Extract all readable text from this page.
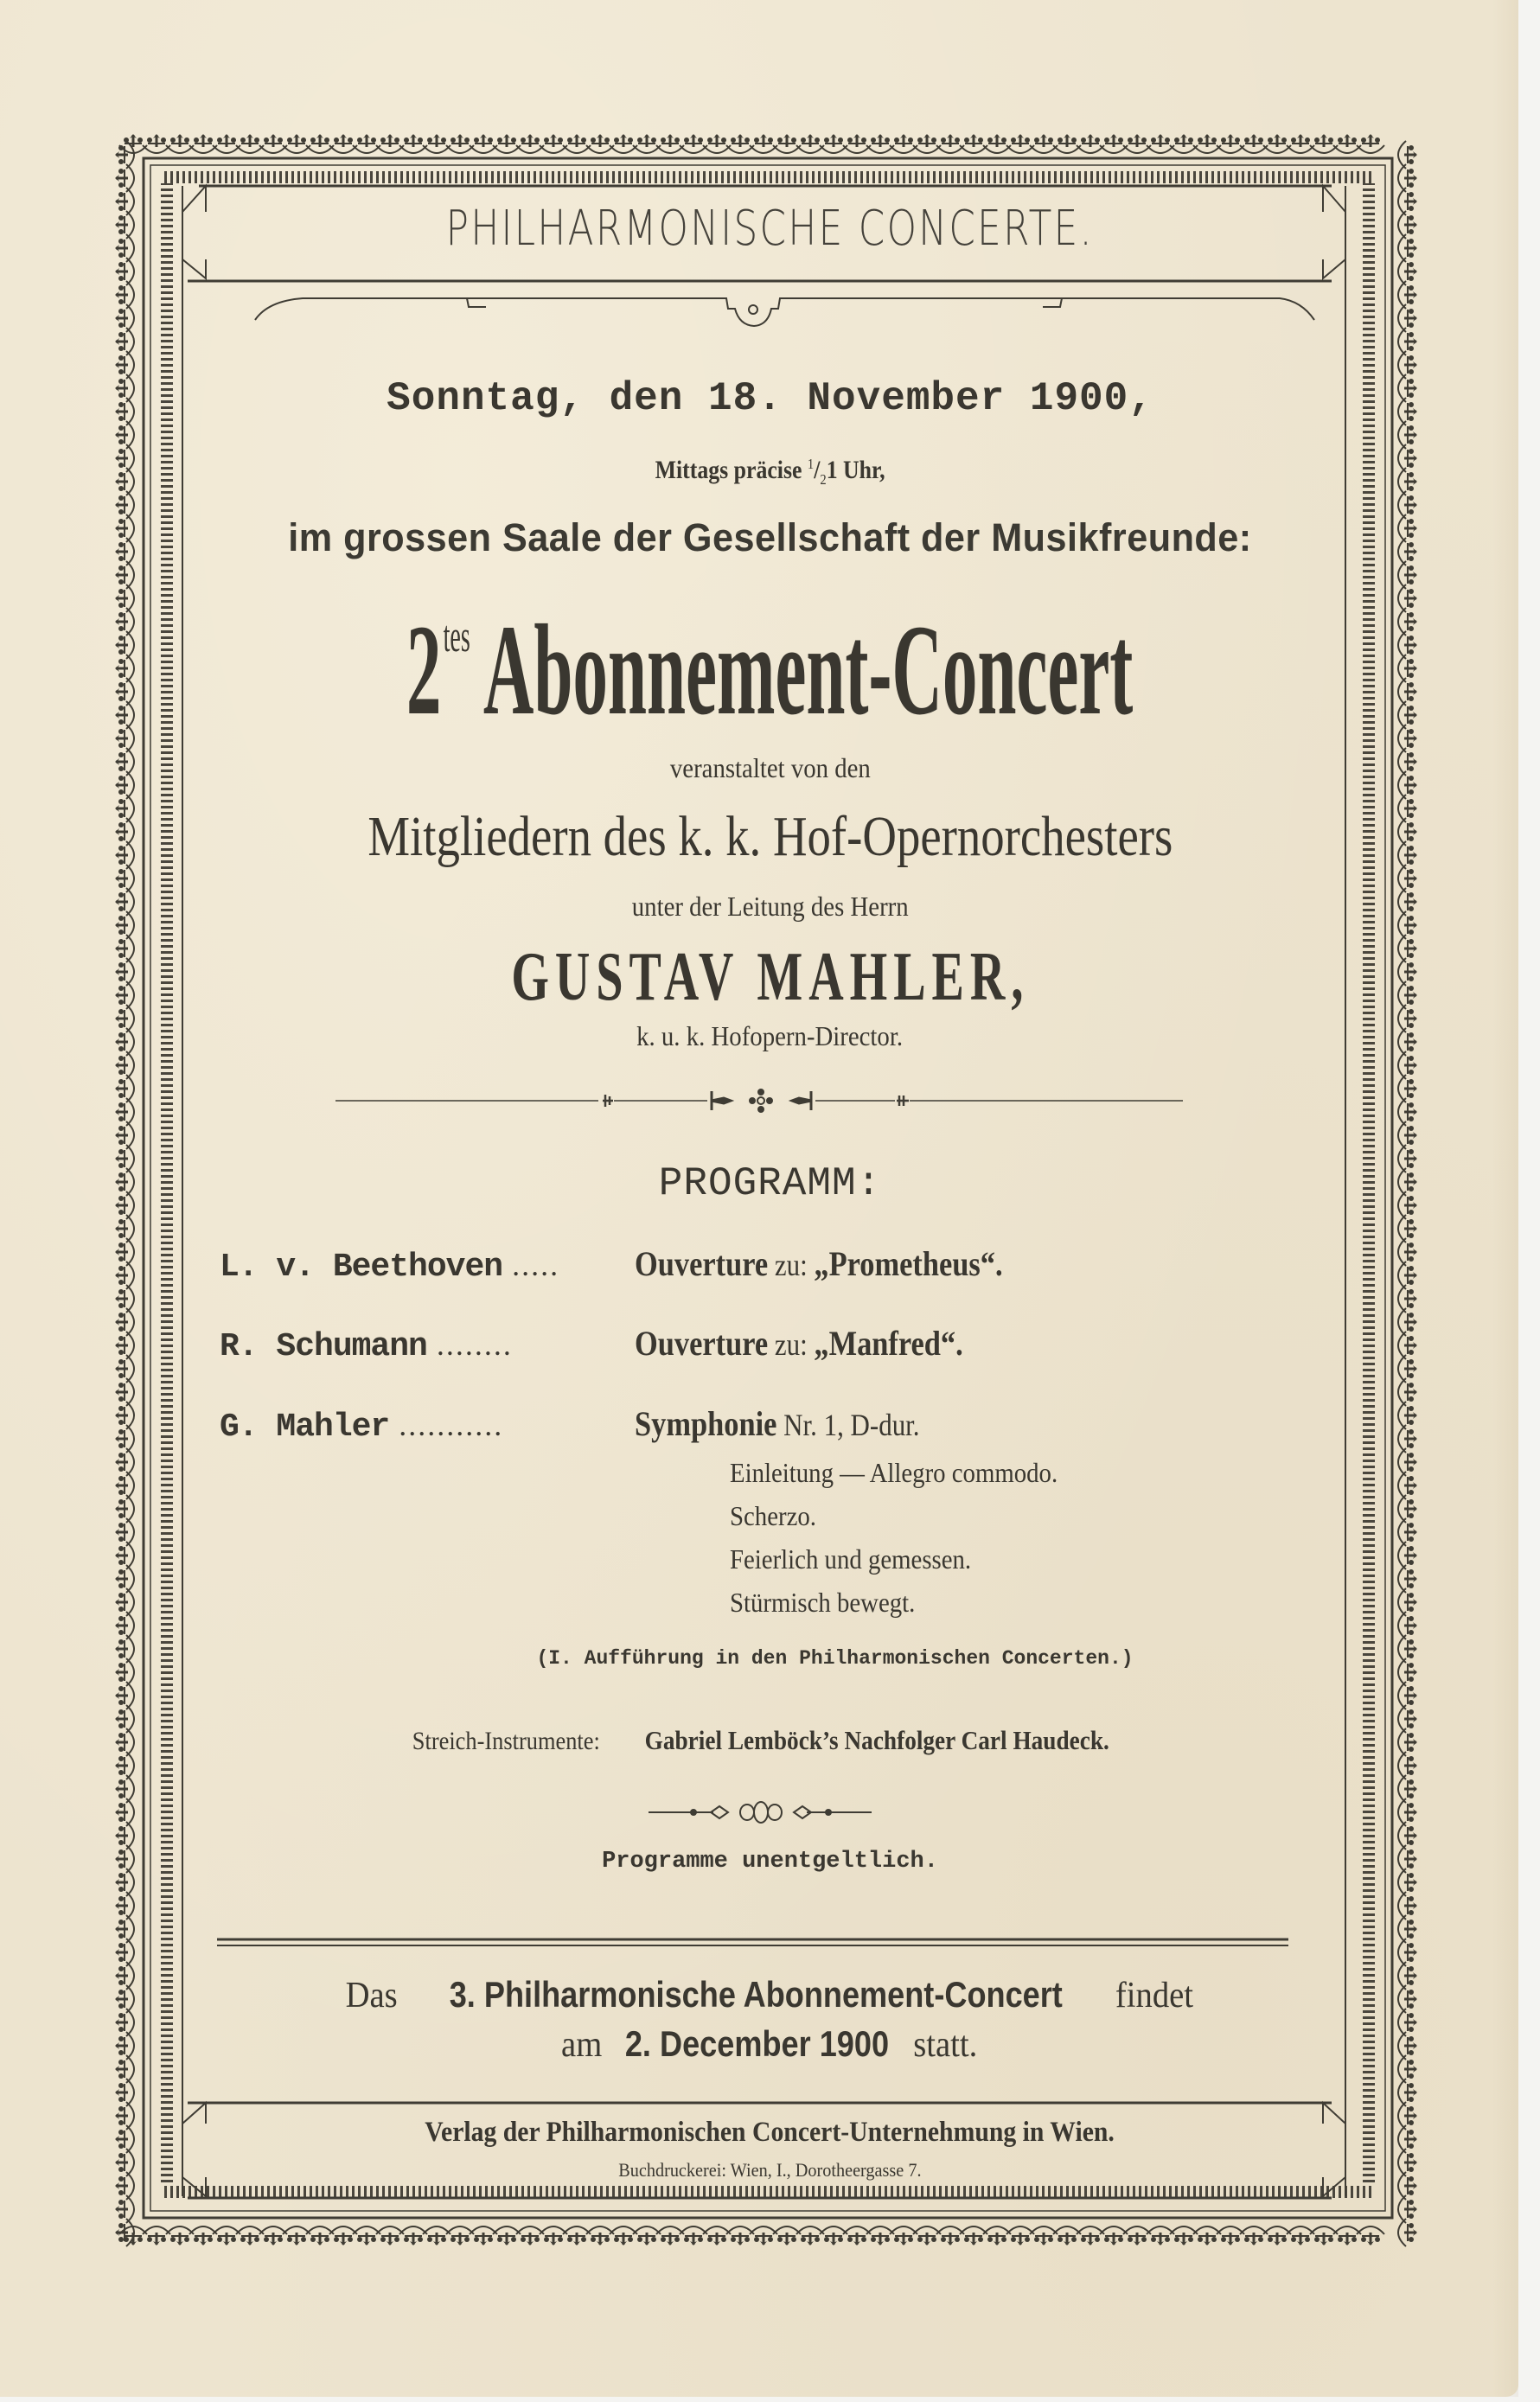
PHILHARMONISCHE CONCERTE.
Sonntag, den 18. November 1900,
Mittags präcise $^1/_21$ Uhr,
im grossen Saale der Gesellschaft der Musikfreunde:
$2^{tes}$ Abonnement-Concert
veranstaltet von den
Mitgliedern des k. k. Hof-Opernorchesters
unter der Leitung des Herrn
GUSTAV MAHLER,
k. u. k. Hofopern-Director.
PROGRAMM:
L. v. Beethoven ..... Ouverture zu: „Prometheus“.
R. Schumann ........	Ouverture zu: „Manfred“.
G. Mahler ...........	Symphonie Nr. 1, D-dur.
Einleitung — Allegro commodo.
Scherzo.
Feierlich und gemessen.
Stürmisch bewegt.
(I. Aufführung in den Philharmonischen Concerten.)
Streich-Instrumente:Gabriel Lemböck’s Nachfolger Carl Haudeck.
Programme unentgeltlich.
Das3. Philharmonische Abonnement-Concertfindet
am2. December 1900statt.
Verlag der Philharmonischen Concert-Unternehmung in Wien.
Buchdruckerei: Wien, I., Dorotheergasse 7.
